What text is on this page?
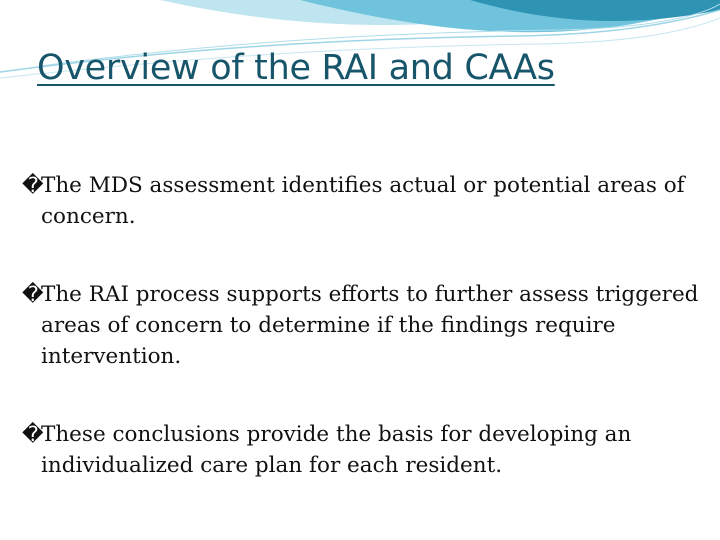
Overview of the RAI and CAAs
�
The MDS assessment identifies actual or potential areas of concern.
�
The RAI process supports efforts to further assess triggered areas of concern to determine if the findings require intervention.
�
These conclusions provide the basis for developing an individualized care plan for each resident.
